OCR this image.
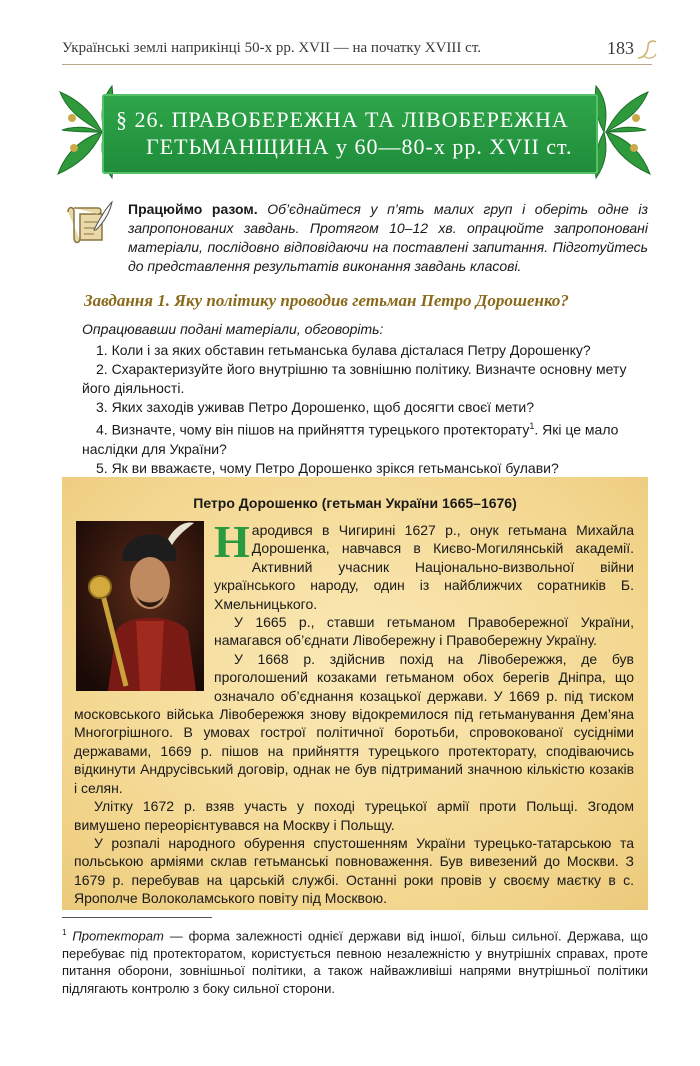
Українські землі наприкінці 50-х рр. XVII — на початку XVIII ст.	183
§ 26. ПРАВОБЕРЕЖНА ТА ЛІВОБЕРЕЖНА
ГЕТЬМАНЩИНА у 60—80-х рр. XVII ст.
Працюймо разом. Об’єднайтеся у п’ять малих груп і оберіть одне із запропонованих завдань. Протягом 10–12 хв. опрацюйте запропоновані матеріали, послідовно відповідаючи на поставлені запитання. Підготуйтесь до представлення результатів виконання завдань класові.
Завдання 1. Яку політику проводив гетьман Петро Дорошенко?
Опрацювавши подані матеріали, обговоріть:
1. Коли і за яких обставин гетьманська булава дісталася Петру Дорошенку?
2. Схарактеризуйте його внутрішню та зовнішню політику. Визначте основну мету його діяльності.
3. Яких заходів уживав Петро Дорошенко, щоб досягти своєї мети?
4. Визначте, чому він пішов на прийняття турецького протекторату$^1$. Які це мало наслідки для України?
5. Як ви вважаєте, чому Петро Дорошенко зрікся гетьманської булави?
Петро Дорошенко (гетьман України 1665–1676)

Народився в Чигирині 1627 р., онук гетьмана Михайла Дорошенка, навчався в Києво-Могилянській академії. Активний учасник Національно-визвольної війни українського народу, один із найближчих соратників Б. Хмельницького.

У 1665 р., ставши гетьманом Правобережної України, намагався об’єднати Лівобережну і Правобережну Україну.

У 1668 р. здійснив похід на Лівобережжя, де був проголошений козаками гетьманом обох берегів Дніпра, що означало об’єднання козацької держави. У 1669 р. під тиском московського війська Лівобережжя знову відокремилося під гетьманування Дем’яна Многогрішного. В умовах гострої політичної боротьби, спровокованої сусідніми державами, 1669 р. пішов на прийняття турецького протекторату, сподіваючись відкинути Андрусівський договір, однак не був підтриманий значною кількістю козаків і селян.

Улітку 1672 р. взяв участь у поході турецької армії проти Польщі. Згодом вимушено переорієнтувався на Москву і Польщу.

У розпалі народного обурення спустошенням України турецько-татарською та польською арміями склав гетьманські повноваження. Був вивезений до Москви. З 1679 р. перебував на царській службі. Останні роки провів у своєму маєтку в с. Ярополче Волоколамського повіту під Москвою.

$^1$ Протекторат — форма залежності однієї держави від іншої, більш сильної. Держава, що перебуває під протекторатом, користується певною незалежністю у внутрішніх справах, проте питання оборони, зовнішньої політики, а також найважливіші напрями внутрішньої політики підлягають контролю з боку сильної сторони.
